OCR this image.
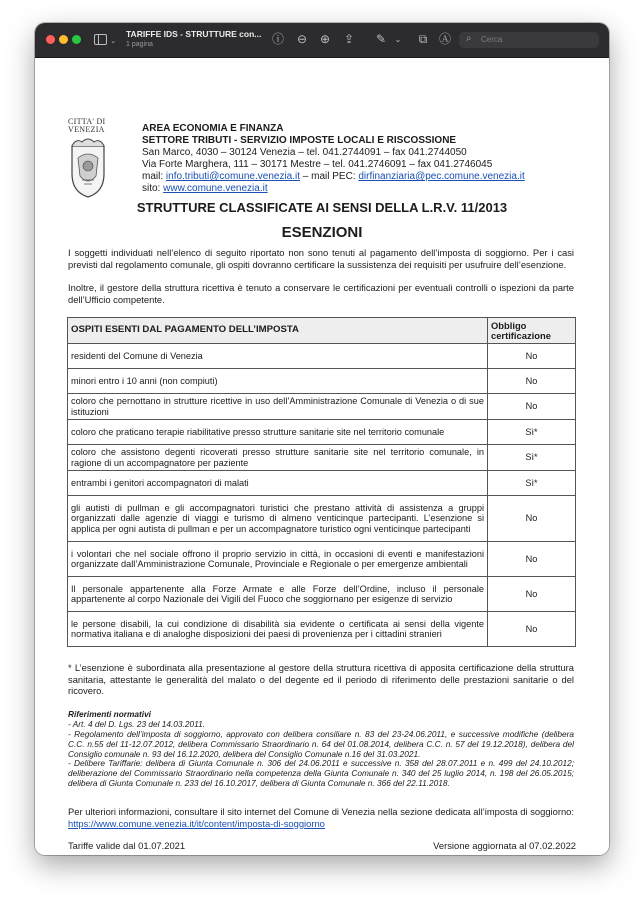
⌄
TARIFFE IDS - STRUTTURE con...
1 pagina	ⓘ ⊖ ⊕ ⇪ ✎	⌄	⧉ Ⓐ ⌕ Cerca
CITTA' DI
VENEZIA	AREA ECONOMIA E FINANZA
SETTORE TRIBUTI - SERVIZIO IMPOSTE LOCALI E RISCOSSIONE
San Marco, 4030 – 30124 Venezia – tel. 041.2744091 – fax 041.2744050
Via Forte Marghera, 111 – 30171 Mestre – tel. 041.2746091 – fax 041.2746045
mail: info.tributi@comune.venezia.it – mail PEC: dirfinanziaria@pec.comune.venezia.it
sito: www.comune.venezia.it
STRUTTURE CLASSIFICATE AI SENSI DELLA L.R.V. 11/2013
ESENZIONI
I soggetti individuati nell’elenco di seguito riportato non sono tenuti al pagamento dell’imposta di soggiorno. Per i casi previsti dal regolamento comunale, gli ospiti dovranno certificare la sussistenza dei requisiti per usufruire dell’esenzione.
Inoltre, il gestore della struttura ricettiva è tenuto a conservare le certificazioni per eventuali controlli o ispezioni da parte dell’Ufficio competente.
OSPITI ESENTI DAL PAGAMENTO DELL’IMPOSTA	Obbligo certificazione
residenti del Comune di Venezia	No
minori entro i 10 anni (non compiuti)	No
coloro che pernottano in strutture ricettive in uso dell’Amministrazione Comunale di Venezia o di sue istituzioni	No
coloro che praticano terapie riabilitative presso strutture sanitarie site nel territorio comunale	Sì*
coloro che assistono degenti ricoverati presso strutture sanitarie site nel territorio comunale, in ragione di un accompagnatore per paziente	Sì*
entrambi i genitori accompagnatori di malati	Sì*
gli autisti di pullman e gli accompagnatori turistici che prestano attività di assistenza a gruppi organizzati dalle agenzie di viaggi e turismo di almeno venticinque partecipanti. L’esenzione si applica per ogni autista di pullman e per un accompagnatore turistico ogni venticinque partecipanti	No
i volontari che nel sociale offrono il proprio servizio in città, in occasioni di eventi e manifestazioni organizzate dall’Amministrazione Comunale, Provinciale e Regionale o per emergenze ambientali	No
Il personale appartenente alla Forze Armate e alle Forze dell’Ordine, incluso il personale appartenente al corpo Nazionale dei Vigili del Fuoco che soggiornano per esigenze di servizio	No
le persone disabili, la cui condizione di disabilità sia evidente o certificata ai sensi della vigente normativa italiana e di analoghe disposizioni dei paesi di provenienza per i cittadini stranieri	No
* L’esenzione è subordinata alla presentazione al gestore della struttura ricettiva di apposita certificazione della struttura sanitaria, attestante le generalità del malato o del degente ed il periodo di riferimento delle prestazioni sanitarie o del ricovero.
Riferimenti normativi
- Art. 4 del D. Lgs. 23 del 14.03.2011.
- Regolamento dell’imposta di soggiorno, approvato con delibera consiliare n. 83 del 23-24.06.2011, e successive modifiche (delibera C.C. n.55 del 11-12.07.2012, delibera Commissario Straordinario n. 64 del 01.08.2014, delibera C.C. n. 57 del 19.12.2018), delibera del Consiglio comunale n. 93 del 16.12.2020, delibera del Consiglio Comunale n.16 del 31.03.2021.
- Delibere Tariffarie: delibera di Giunta Comunale n. 306 del 24.06.2011 e successive n. 358 del 28.07.2011 e n. 499 del 24.10.2012; deliberazione del Commissario Straordinario nella competenza della Giunta Comunale n. 340 del 25 luglio 2014, n. 198 del 26.05.2015; delibera di Giunta Comunale n. 233 del 16.10.2017, delibera di Giunta Comunale n. 366 del 22.11.2018.
Per ulteriori informazioni, consultare il sito internet del Comune di Venezia nella sezione dedicata all’imposta di soggiorno: https://www.comune.venezia.it/it/content/imposta-di-soggiorno
Tariffe valide dal 01.07.2021	Versione aggiornata al 07.02.2022
